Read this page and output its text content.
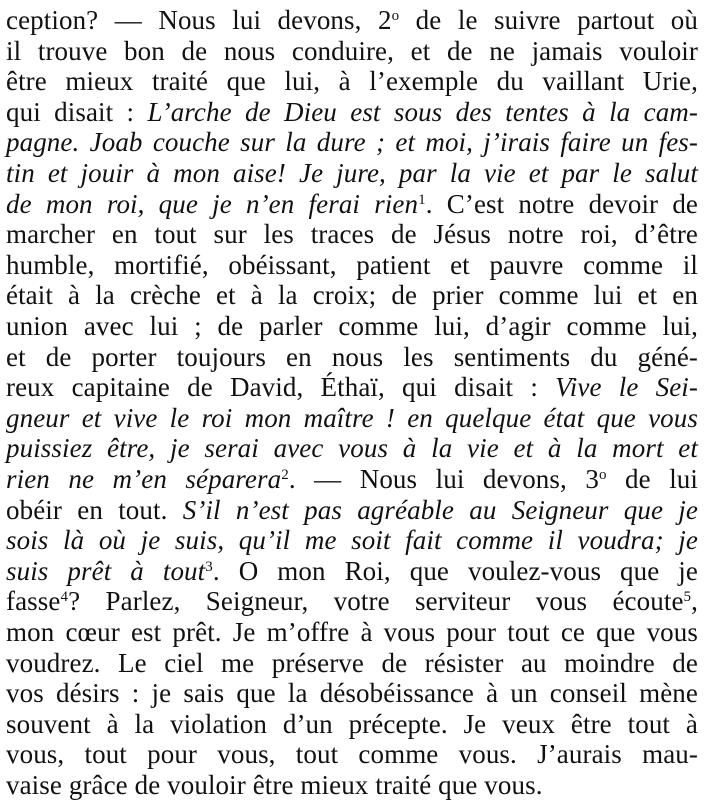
ception? — Nous lui devons, 2$^o$ de le suivre partout où
il trouve bon de nous conduire, et de ne jamais vouloir
être mieux traité que lui, à l’exemple du vaillant Urie,
qui disait : L’arche de Dieu est sous des tentes à la cam-
pagne. Joab couche sur la dure ; et moi, j’irais faire un fes-
tin et jouir à mon aise! Je jure, par la vie et par le salut
de mon roi, que je n’en ferai rien$^1$. C’est notre devoir de
marcher en tout sur les traces de Jésus notre roi, d’être
humble, mortifié, obéissant, patient et pauvre comme il
était à la crèche et à la croix; de prier comme lui et en
union avec lui ; de parler comme lui, d’agir comme lui,
et de porter toujours en nous les sentiments du géné-
reux capitaine de David, Éthaï, qui disait : Vive le Sei-
gneur et vive le roi mon maître ! en quelque état que vous
puissiez être, je serai avec vous à la vie et à la mort et
rien ne m’en séparera$^2$. — Nous lui devons, 3$^o$ de lui
obéir en tout. S’il n’est pas agréable au Seigneur que je
sois là où je suis, qu’il me soit fait comme il voudra; je
suis prêt à tout$^3$. O mon Roi, que voulez-vous que je
fasse$^4$? Parlez, Seigneur, votre serviteur vous écoute$^5$,
mon cœur est prêt. Je m’offre à vous pour tout ce que vous
voudrez. Le ciel me préserve de résister au moindre de
vos désirs : je sais que la désobéissance à un conseil mène
souvent à la violation d’un précepte. Je veux être tout à
vous, tout pour vous, tout comme vous. J’aurais mau-
vaise grâce de vouloir être mieux traité que vous.
